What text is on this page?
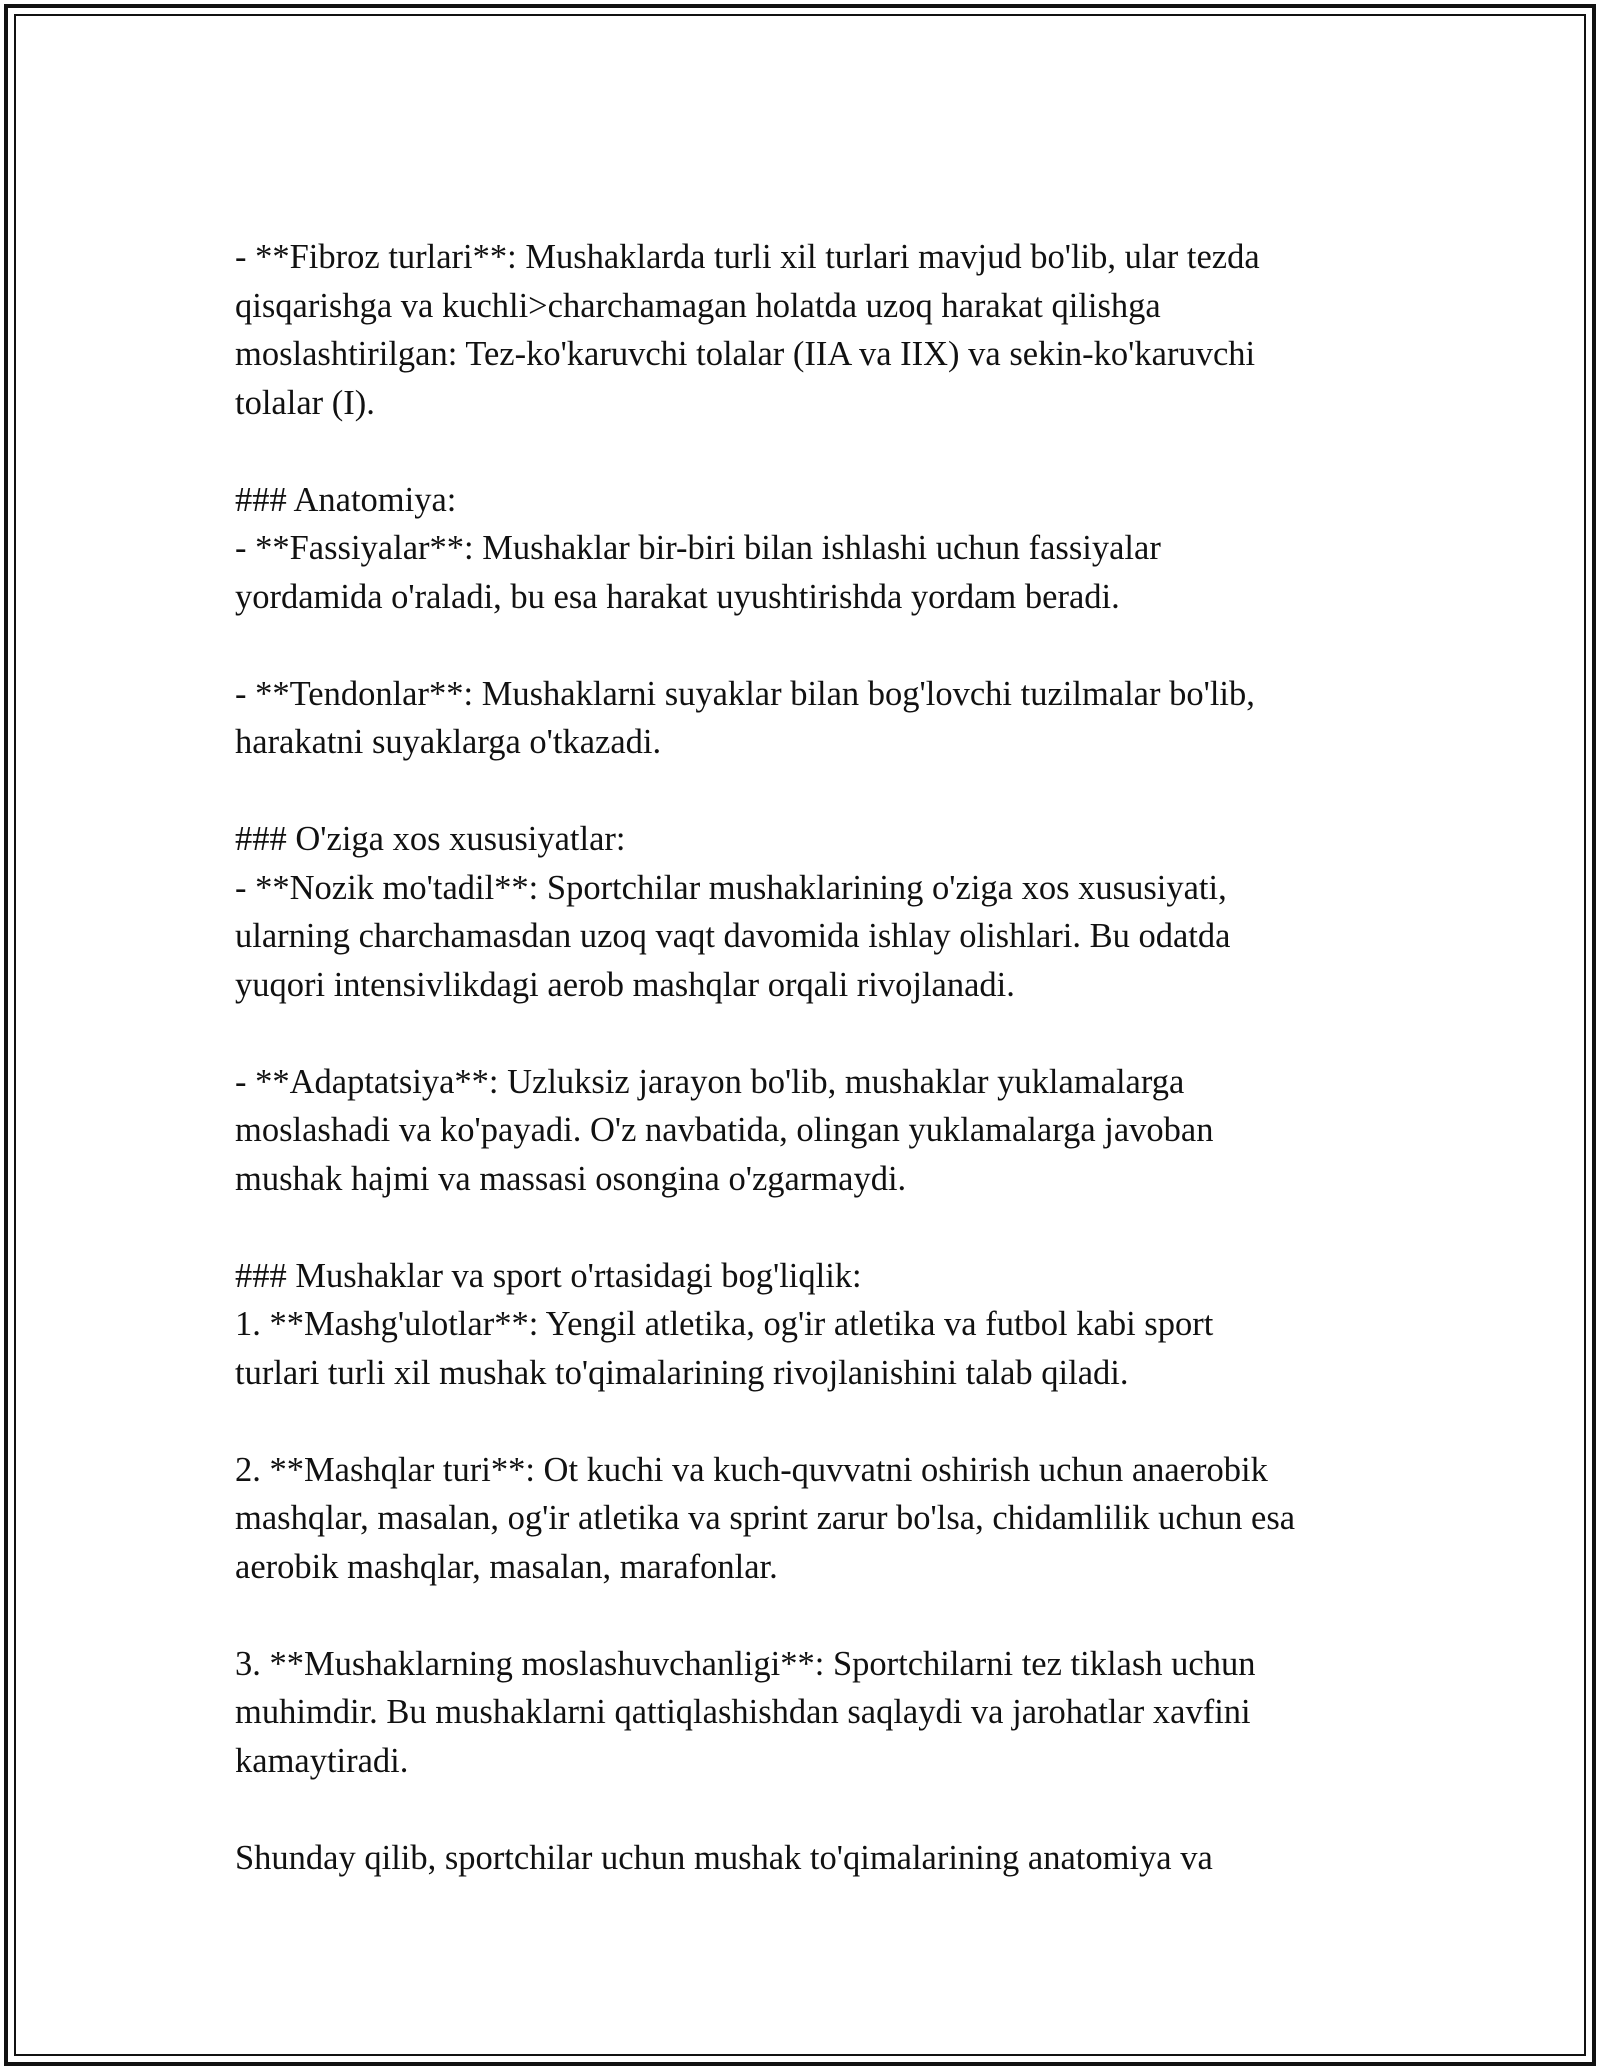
- **Fibroz turlari**: Mushaklarda turli xil turlari mavjud bo'lib, ular tezda

qisqarishga va kuchli>charchamagan holatda uzoq harakat qilishga

moslashtirilgan: Tez-ko'karuvchi tolalar (IIA va IIX) va sekin-ko'karuvchi

tolalar (I).

### Anatomiya:

- **Fassiyalar**: Mushaklar bir-biri bilan ishlashi uchun fassiyalar

yordamida o'raladi, bu esa harakat uyushtirishda yordam beradi.

- **Tendonlar**: Mushaklarni suyaklar bilan bog'lovchi tuzilmalar bo'lib,

harakatni suyaklarga o'tkazadi.

### O'ziga xos xususiyatlar:

- **Nozik mo'tadil**: Sportchilar mushaklarining o'ziga xos xususiyati,

ularning charchamasdan uzoq vaqt davomida ishlay olishlari. Bu odatda

yuqori intensivlikdagi aerob mashqlar orqali rivojlanadi.

- **Adaptatsiya**: Uzluksiz jarayon bo'lib, mushaklar yuklamalarga

moslashadi va ko'payadi. O'z navbatida, olingan yuklamalarga javoban

mushak hajmi va massasi osongina o'zgarmaydi.

### Mushaklar va sport o'rtasidagi bog'liqlik:

1. **Mashg'ulotlar**: Yengil atletika, og'ir atletika va futbol kabi sport

turlari turli xil mushak to'qimalarining rivojlanishini talab qiladi.

2. **Mashqlar turi**: Ot kuchi va kuch-quvvatni oshirish uchun anaerobik

mashqlar, masalan, og'ir atletika va sprint zarur bo'lsa, chidamlilik uchun esa

aerobik mashqlar, masalan, marafonlar.

3. **Mushaklarning moslashuvchanligi**: Sportchilarni tez tiklash uchun

muhimdir. Bu mushaklarni qattiqlashishdan saqlaydi va jarohatlar xavfini

kamaytiradi.

Shunday qilib, sportchilar uchun mushak to'qimalarining anatomiya va
